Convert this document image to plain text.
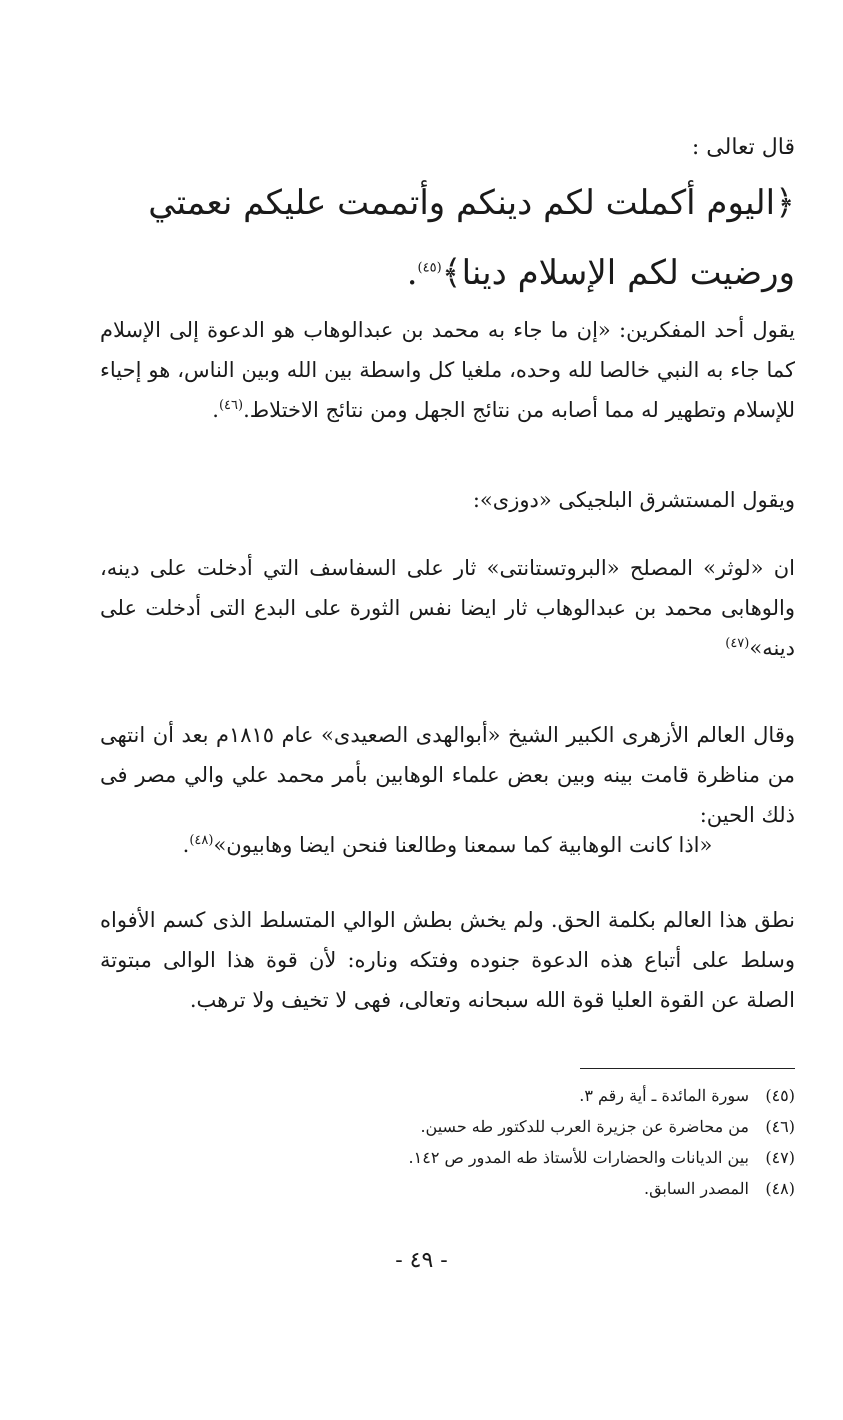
قال تعالى :

﴿اليوم أكملت لكم دينكم وأتممت عليكم نعمتي ورضيت لكم الإسلام دينا﴾$^{(٤٥)}$.

يقول أحد المفكرين: «إن ما جاء به محمد بن عبدالوهاب هو الدعوة إلى الإسلام كما جاء به النبي خالصا لله وحده، ملغيا كل واسطة بين الله وبين الناس، هو إحياء للإسلام وتطهير له مما أصابه من نتائج الجهل ومن نتائج الاختلاط.$^{(٤٦)}$.

ويقول المستشرق البلجيكى «دوزى»:

ان «لوثر» المصلح «البروتستانتى» ثار على السفاسف التي أدخلت على دينه، والوهابى محمد بن عبدالوهاب ثار ايضا نفس الثورة على البدع التى أدخلت على دينه»$^{(٤٧)}$

وقال العالم الأزهرى الكبير الشيخ «أبوالهدى الصعيدى» عام ١٨١٥م بعد أن انتهى من مناظرة قامت بينه وبين بعض علماء الوهابين بأمر محمد علي والي مصر فى ذلك الحين:

«اذا كانت الوهابية كما سمعنا وطالعنا فنحن ايضا وهابيون»$^{(٤٨)}$.

نطق هذا العالم بكلمة الحق. ولم يخش بطش الوالي المتسلط الذى كسم الأفواه وسلط على أتباع هذه الدعوة جنوده وفتكه وناره: لأن قوة هذا الوالى مبتوتة الصلة عن القوة العليا قوة الله سبحانه وتعالى، فهى لا تخيف ولا ترهب.

(٤٥)سورة المائدة ـ أية رقم ٣.
(٤٦)من محاضرة عن جزيرة العرب للدكتور طه حسين.
(٤٧)بين الديانات والحضارات للأستاذ طه المدور ص ١٤٢.
(٤٨)المصدر السابق.
- ٤٩ -
